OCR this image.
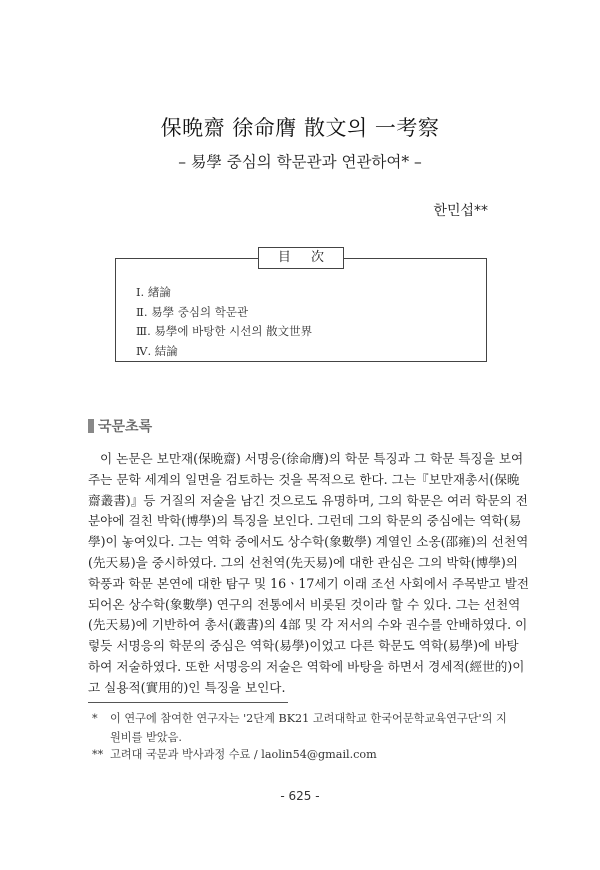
保晩齋 徐命膺 散文의 一考察
– 易學 중심의 학문관과 연관하여* –
한민섭**
目 次
Ⅰ. 緖論
Ⅱ. 易學 중심의 학문관
Ⅲ. 易學에 바탕한 시선의 散文世界
Ⅳ. 結論
국문초록
이 논문은 보만재(保晩齋) 서명응(徐命膺)의 학문 특징과 그 학문 특징을 보여
주는 문학 세계의 일면을 검토하는 것을 목적으로 한다. 그는『보만재총서(保晩
齋叢書)』등 거질의 저술을 남긴 것으로도 유명하며, 그의 학문은 여러 학문의 전
분야에 걸친 박학(博學)의 특징을 보인다. 그런데 그의 학문의 중심에는 역학(易
學)이 놓여있다. 그는 역학 중에서도 상수학(象數學) 계열인 소옹(邵雍)의 선천역
(先天易)을 중시하였다. 그의 선천역(先天易)에 대한 관심은 그의 박학(博學)의
학풍과 학문 본연에 대한 탐구 및 16ㆍ17세기 이래 조선 사회에서 주목받고 발전
되어온 상수학(象數學) 연구의 전통에서 비롯된 것이라 할 수 있다. 그는 선천역
(先天易)에 기반하여 총서(叢書)의 4部 및 각 저서의 수와 권수를 안배하였다. 이
렇듯 서명응의 학문의 중심은 역학(易學)이었고 다른 학문도 역학(易學)에 바탕
하여 저술하였다. 또한 서명응의 저술은 역학에 바탕을 하면서 경세적(經世的)이
고 실용적(實用的)인 특징을 보인다.
* 이 연구에 참여한 연구자는 '2단계 BK21 고려대학교 한국어문학교육연구단'의 지
원비를 받았음.
** 고려대 국문과 박사과정 수료 / laolin54@gmail.com
- 625 -
